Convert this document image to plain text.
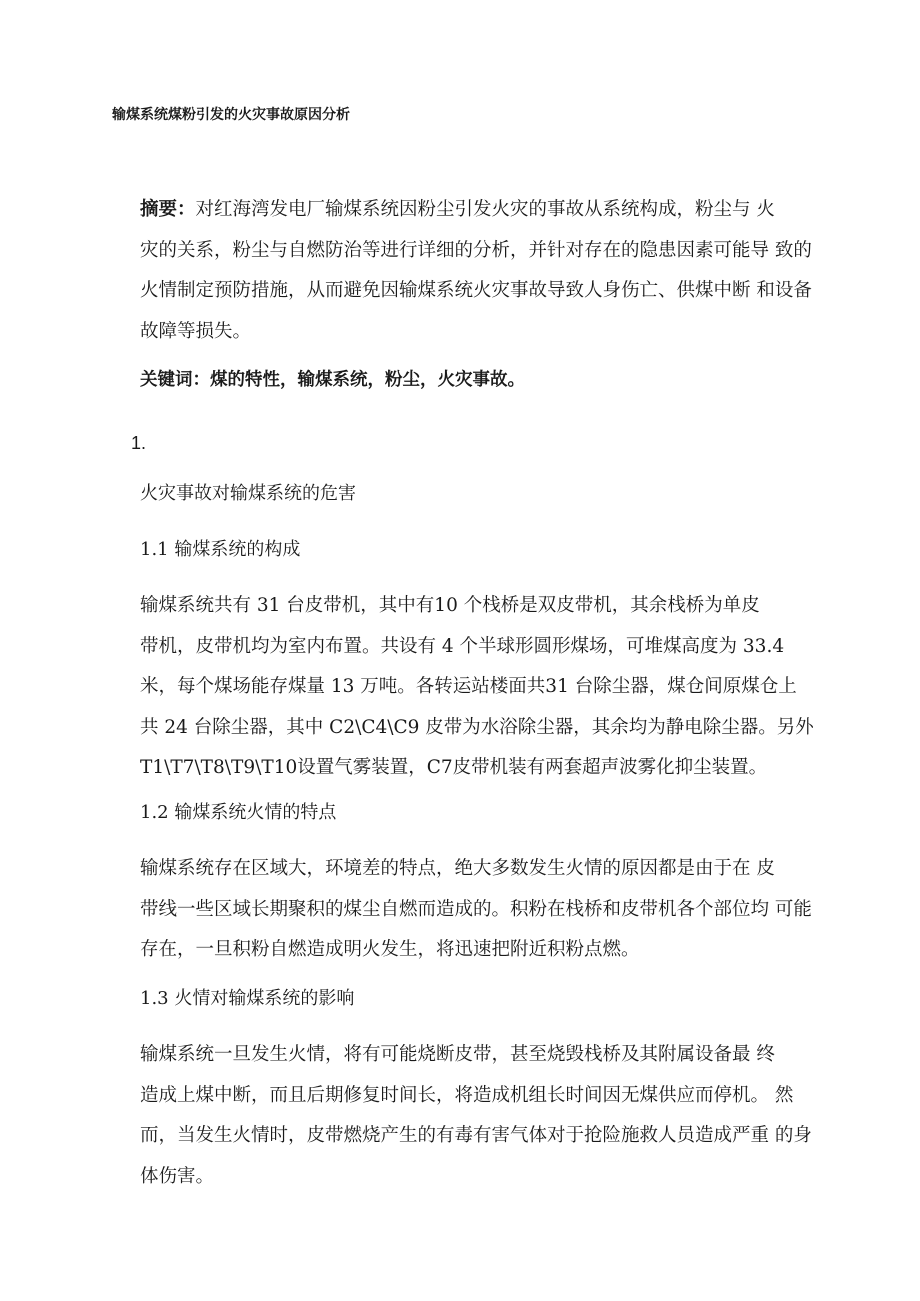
输煤系统煤粉引发的火灾事故原因分析
摘要：对红海湾发电厂输煤系统因粉尘引发火灾的事故从系统构成，粉尘与 火
灾的关系，粉尘与自燃防治等进行详细的分析，并针对存在的隐患因素可能导 致的
火情制定预防措施，从而避免因输煤系统火灾事故导致人身伤亡、供煤中断 和设备
故障等损失。
关键词：煤的特性，输煤系统，粉尘，火灾事故。
1.
火灾事故对输煤系统的危害
1.1 输煤系统的构成
输煤系统共有 31 台皮带机，其中有10 个栈桥是双皮带机，其余栈桥为单皮
带机，皮带机均为室内布置。共设有 4 个半球形圆形煤场，可堆煤高度为 33.4
米，每个煤场能存煤量 13 万吨。各转运站楼面共31 台除尘器，煤仓间原煤仓上
共 24 台除尘器，其中 C2\C4\C9 皮带为水浴除尘器，其余均为静电除尘器。另外
T1\T7\T8\T9\T10设置气雾装置，C7皮带机装有两套超声波雾化抑尘装置。
1.2 输煤系统火情的特点
输煤系统存在区域大，环境差的特点，绝大多数发生火情的原因都是由于在 皮
带线一些区域长期聚积的煤尘自燃而造成的。积粉在栈桥和皮带机各个部位均 可能
存在，一旦积粉自燃造成明火发生，将迅速把附近积粉点燃。
1.3 火情对输煤系统的影响
输煤系统一旦发生火情，将有可能烧断皮带，甚至烧毁栈桥及其附属设备最 终
造成上煤中断，而且后期修复时间长，将造成机组长时间因无煤供应而停机。 然
而，当发生火情时，皮带燃烧产生的有毒有害气体对于抢险施救人员造成严重 的身
体伤害。
